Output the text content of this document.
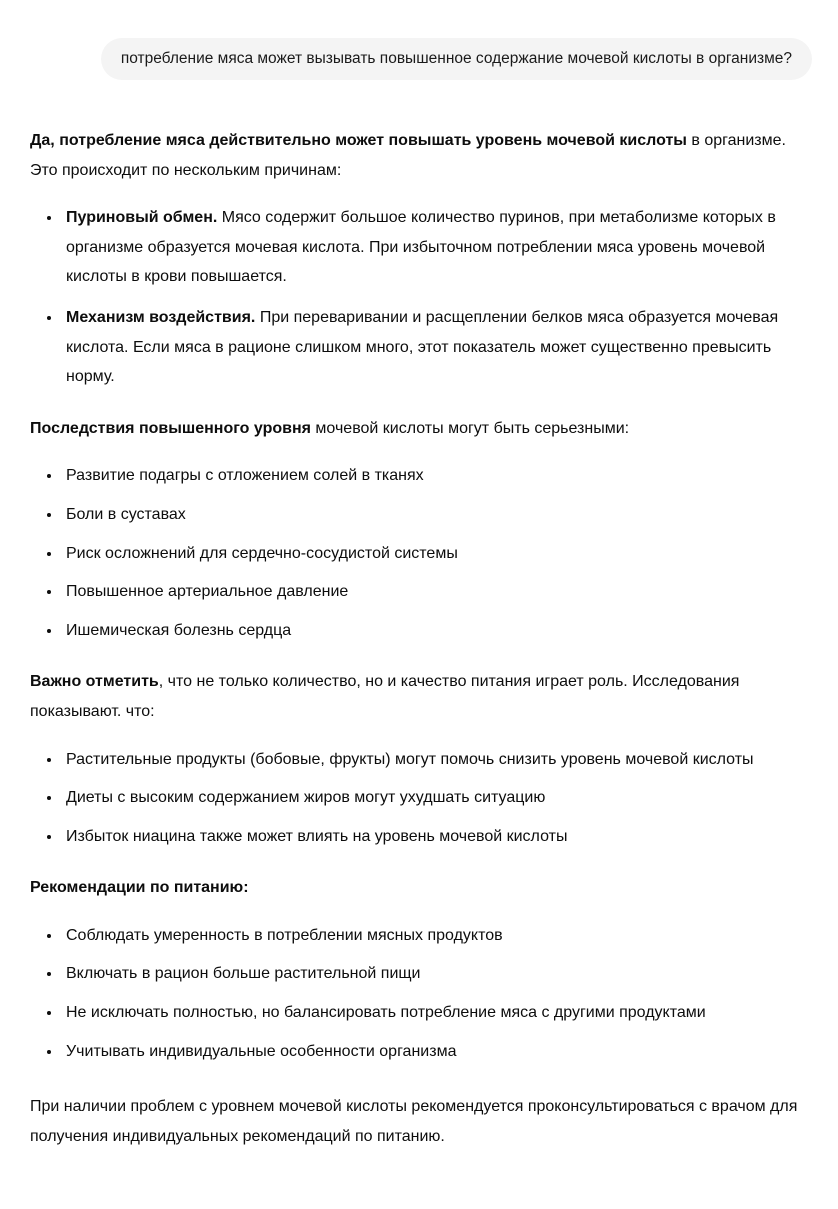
потребление мяса может вызывать повышенное содержание мочевой кислоты в организме?

Да, потребление мяса действительно может повышать уровень мочевой кислоты в организме. Это происходит по нескольким причинам:

• Пуриновый обмен. Мясо содержит большое количество пуринов, при метаболизме которых в организме образуется мочевая кислота. При избыточном потреблении мяса уровень мочевой кислоты в крови повышается.
• Механизм воздействия. При переваривании и расщеплении белков мяса образуется мочевая кислота. Если мяса в рационе слишком много, этот показатель может существенно превысить норму.

Последствия повышенного уровня мочевой кислоты могут быть серьезными:

• Развитие подагры с отложением солей в тканях
• Боли в суставах
• Риск осложнений для сердечно-сосудистой системы
• Повышенное артериальное давление
• Ишемическая болезнь сердца

Важно отметить, что не только количество, но и качество питания играет роль. Исследования показывают. что:

• Растительные продукты (бобовые, фрукты) могут помочь снизить уровень мочевой кислоты
• Диеты с высоким содержанием жиров могут ухудшать ситуацию
• Избыток ниацина также может влиять на уровень мочевой кислоты

Рекомендации по питанию:

• Соблюдать умеренность в потреблении мясных продуктов
• Включать в рацион больше растительной пищи
• Не исключать полностью, но балансировать потребление мяса с другими продуктами
• Учитывать индивидуальные особенности организма

При наличии проблем с уровнем мочевой кислоты рекомендуется проконсультироваться с врачом для получения индивидуальных рекомендаций по питанию.
